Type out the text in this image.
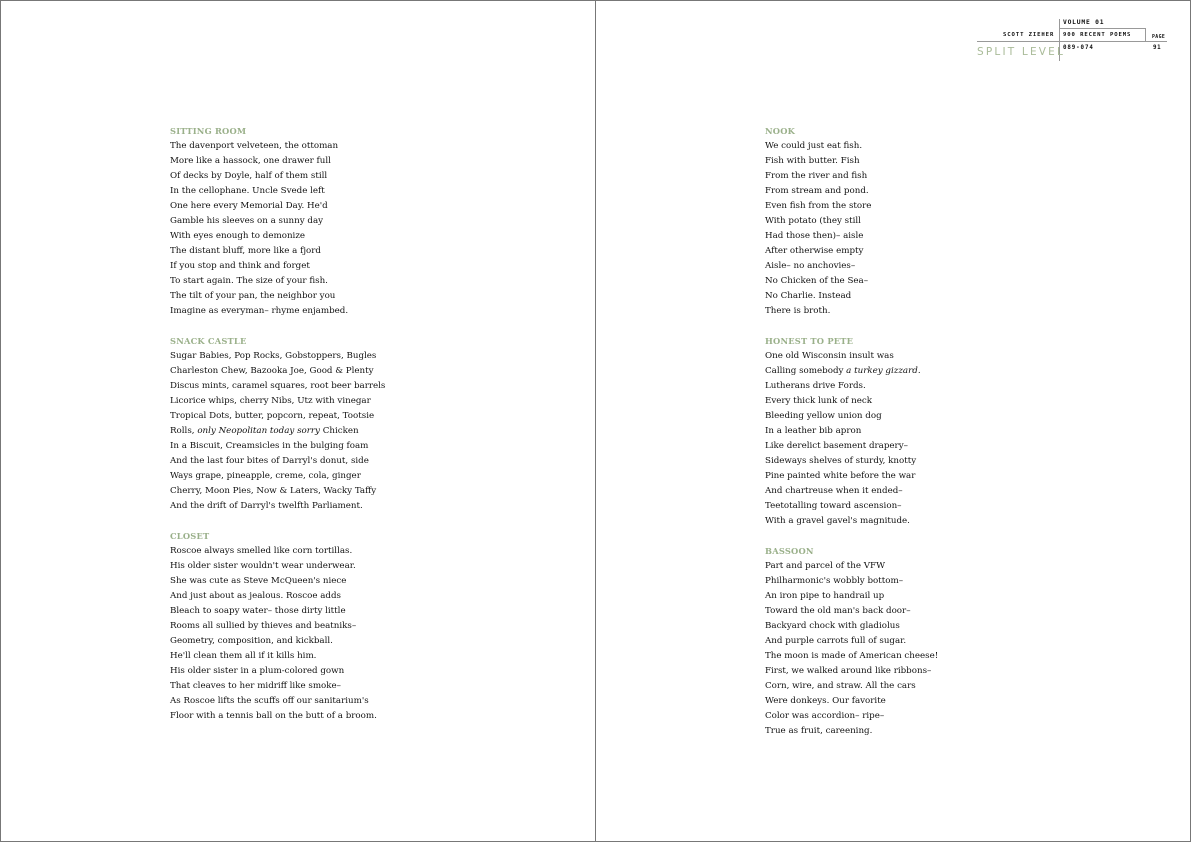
VOLUME 01
SCOTT ZIEHER 900 RECENT POEMS
089-074
PAGE
91
SPLIT LEVEL
SITTING ROOM
The davenport velveteen, the ottoman
More like a hassock, one drawer full
Of decks by Doyle, half of them still
In the cellophane. Uncle Svede left
One here every Memorial Day. He'd
Gamble his sleeves on a sunny day
With eyes enough to demonize
The distant bluff, more like a fjord
If you stop and think and forget
To start again. The size of your fish.
The tilt of your pan, the neighbor you
Imagine as everyman– rhyme enjambed.
SNACK CASTLE
Sugar Babies, Pop Rocks, Gobstoppers, Bugles
Charleston Chew, Bazooka Joe, Good & Plenty
Discus mints, caramel squares, root beer barrels
Licorice whips, cherry Nibs, Utz with vinegar
Tropical Dots, butter, popcorn, repeat, Tootsie
Rolls, only Neopolitan today sorry Chicken
In a Biscuit, Creamsicles in the bulging foam
And the last four bites of Darryl's donut, side
Ways grape, pineapple, creme, cola, ginger
Cherry, Moon Pies, Now & Laters, Wacky Taffy
And the drift of Darryl's twelfth Parliament.
CLOSET
Roscoe always smelled like corn tortillas.
His older sister wouldn't wear underwear.
She was cute as Steve McQueen's niece
And just about as jealous. Roscoe adds
Bleach to soapy water– those dirty little
Rooms all sullied by thieves and beatniks–
Geometry, composition, and kickball.
He'll clean them all if it kills him.
His older sister in a plum-colored gown
That cleaves to her midriff like smoke–
As Roscoe lifts the scuffs off our sanitarium's
Floor with a tennis ball on the butt of a broom.
NOOK
We could just eat fish.
Fish with butter. Fish
From the river and fish
From stream and pond.
Even fish from the store
With potato (they still
Had those then)– aisle
After otherwise empty
Aisle– no anchovies–
No Chicken of the Sea–
No Charlie. Instead
There is broth.
HONEST TO PETE
One old Wisconsin insult was
Calling somebody a turkey gizzard.
Lutherans drive Fords.
Every thick lunk of neck
Bleeding yellow union dog
In a leather bib apron
Like derelict basement drapery–
Sideways shelves of sturdy, knotty
Pine painted white before the war
And chartreuse when it ended–
Teetotalling toward ascension–
With a gravel gavel's magnitude.
BASSOON
Part and parcel of the VFW
Philharmonic's wobbly bottom–
An iron pipe to handrail up
Toward the old man's back door–
Backyard chock with gladiolus
And purple carrots full of sugar.
The moon is made of American cheese!
First, we walked around like ribbons–
Corn, wire, and straw. All the cars
Were donkeys. Our favorite
Color was accordion– ripe–
True as fruit, careening.
